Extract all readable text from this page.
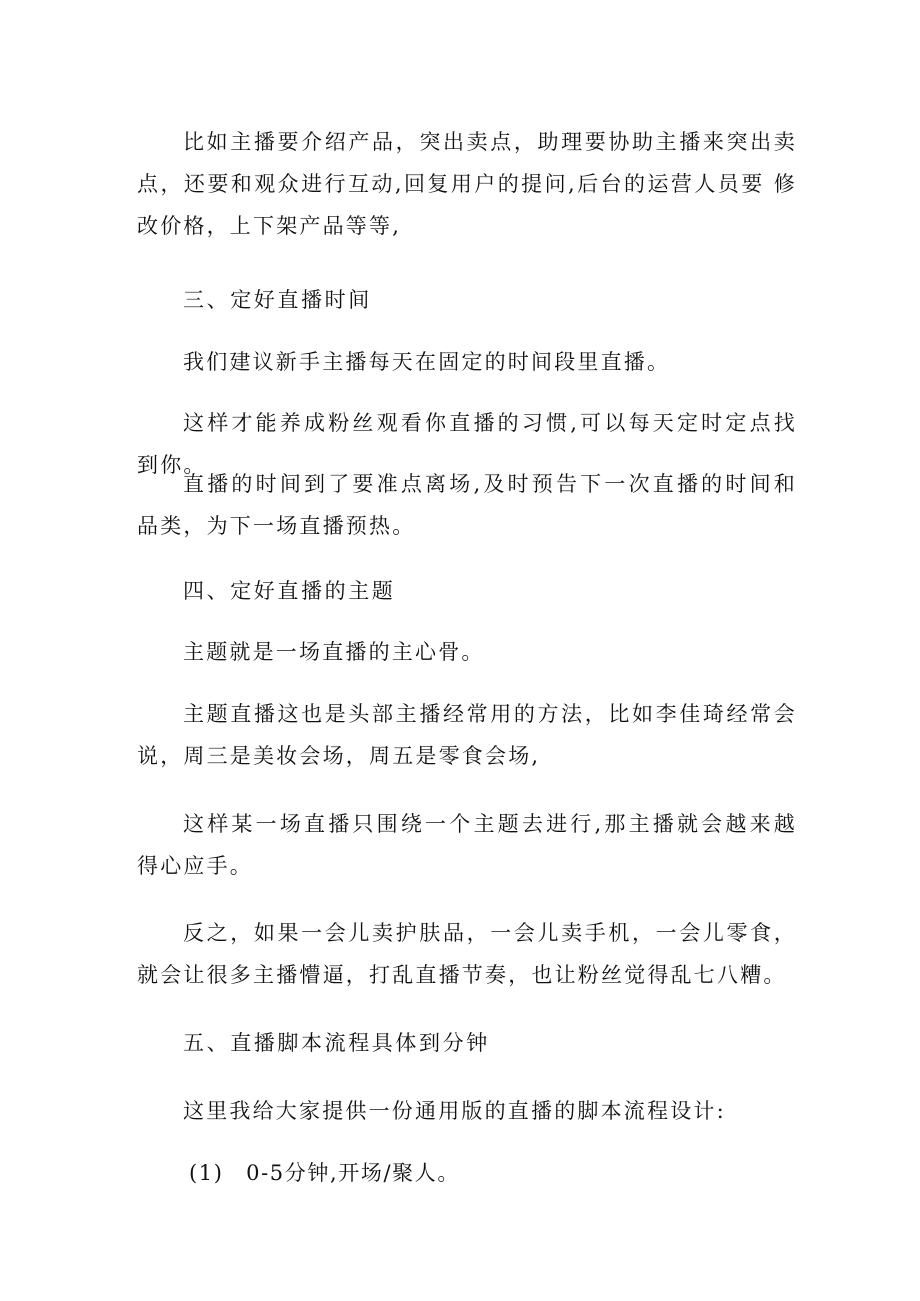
比如主播要介绍产品，突出卖点，助理要协助主播来突出卖　点，还要和观众进行互动,回复用户的提问,后台的运营人员要 修改价格，上下架产品等等,

三、定好直播时间

我们建议新手主播每天在固定的时间段里直播。

这样才能养成粉丝观看你直播的习惯,可以每天定时定点找 到你。

直播的时间到了要准点离场,及时预告下一次直播的时间和 品类，为下一场直播预热。

四、定好直播的主题

主题就是一场直播的主心骨。

主题直播这也是头部主播经常用的方法，比如李佳琦经常会　说，周三是美妆会场，周五是零食会场,

这样某一场直播只围绕一个主题去进行,那主播就会越来越 得心应手。

反之，如果一会儿卖护肤品，一会儿卖手机，一会儿零食，就会让很多主播懵逼，打乱直播节奏，也让粉丝觉得乱七八糟。

五、直播脚本流程具体到分钟

这里我给大家提供一份通用版的直播的脚本流程设计:

(1)　0-5分钟,开场/聚人。
